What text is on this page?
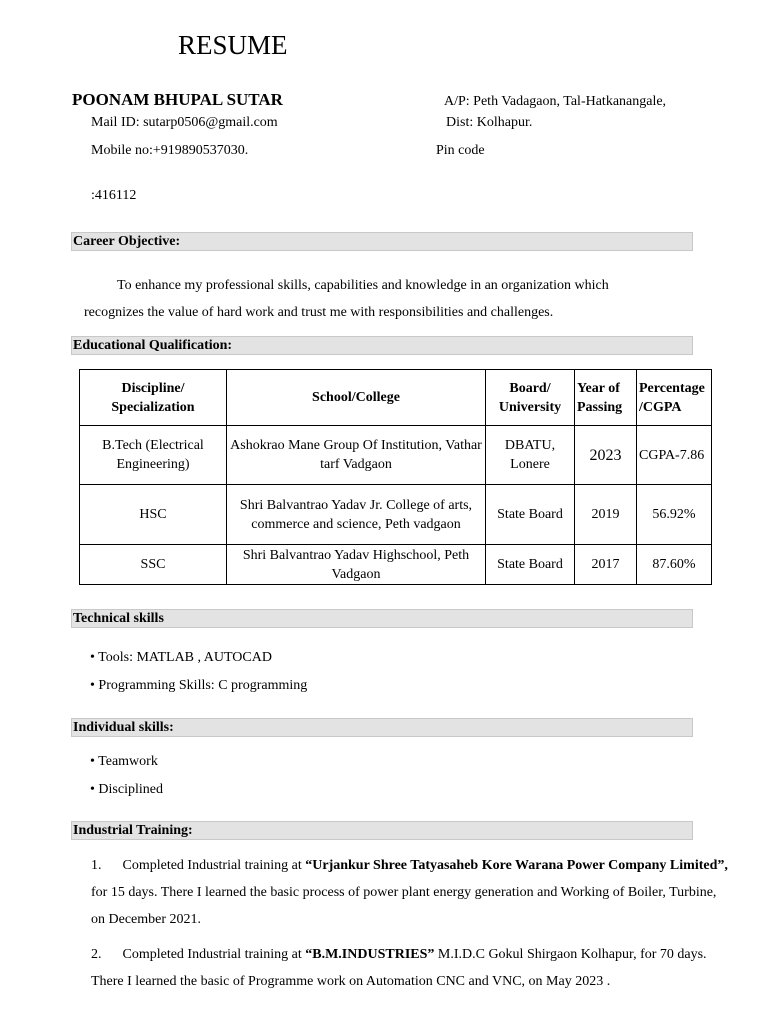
RESUME
POONAM BHUPAL SUTAR	A/P: Peth Vadagaon, Tal-Hatkanangale,
Mail ID: sutarp0506@gmail.com	Dist: Kolhapur.
Mobile no:+919890537030.	Pin code
:416112
Career Objective:
To enhance my professional skills, capabilities and knowledge in an organization which
recognizes the value of hard work and trust me with responsibilities and challenges.
Educational Qualification:
Discipline/ Specialization	School/College	Board/ University	Year of Passing	Percentage /CGPA
B.Tech (Electrical Engineering)	Ashokrao Mane Group Of Institution, Vathar tarf Vadgaon	DBATU, Lonere	2023	CGPA-7.86
HSC	Shri Balvantrao Yadav Jr. College of arts, commerce and science, Peth vadgaon	State Board	2019	56.92%
SSC	Shri Balvantrao Yadav Highschool, Peth Vadgaon	State Board	2017	87.60%
Technical skills
• Tools: MATLAB , AUTOCAD
• Programming Skills: C programming
Individual skills:
• Teamwork
• Disciplined
Industrial Training:
1. Completed Industrial training at “Urjankur Shree Tatyasaheb Kore Warana Power Company Limited”, for 15 days. There I learned the basic process of power plant energy generation and Working of Boiler, Turbine, on December 2021.
2. Completed Industrial training at “B.M.INDUSTRIES” M.I.D.C Gokul Shirgaon Kolhapur, for 70 days. There I learned the basic of Programme work on Automation CNC and VNC, on May 2023 .
